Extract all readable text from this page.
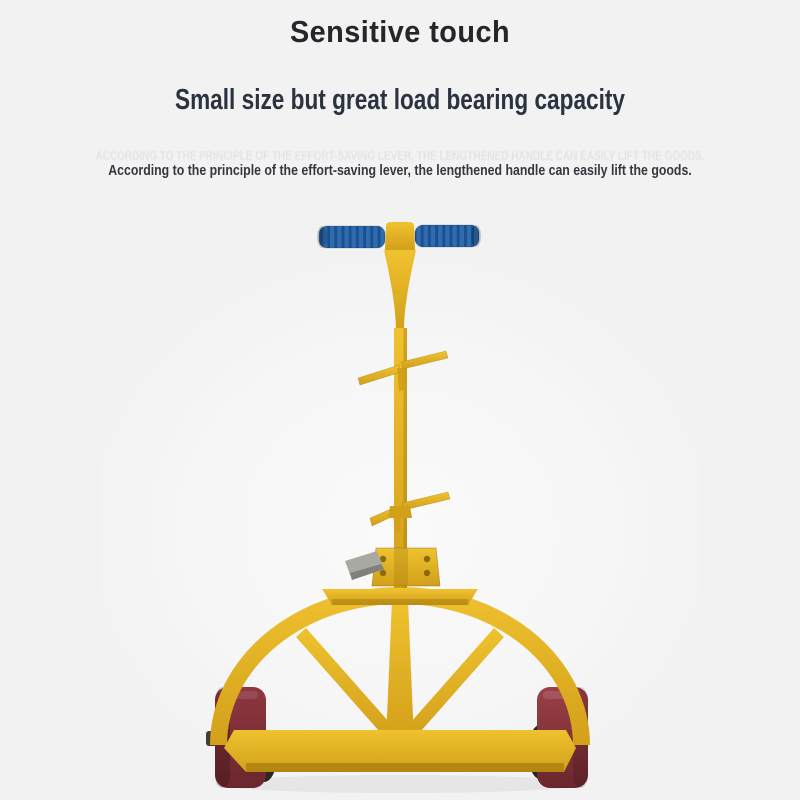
Sensitive touch
Small size but great load bearing capacity
ACCORDING TO THE PRINCIPLE OF THE EFFORT-SAVING LEVER, THE LENGTHENED HANDLE CAN EASILY LIFT THE GOODS.

According to the principle of the effort-saving lever, the lengthened handle can easily lift the goods.
